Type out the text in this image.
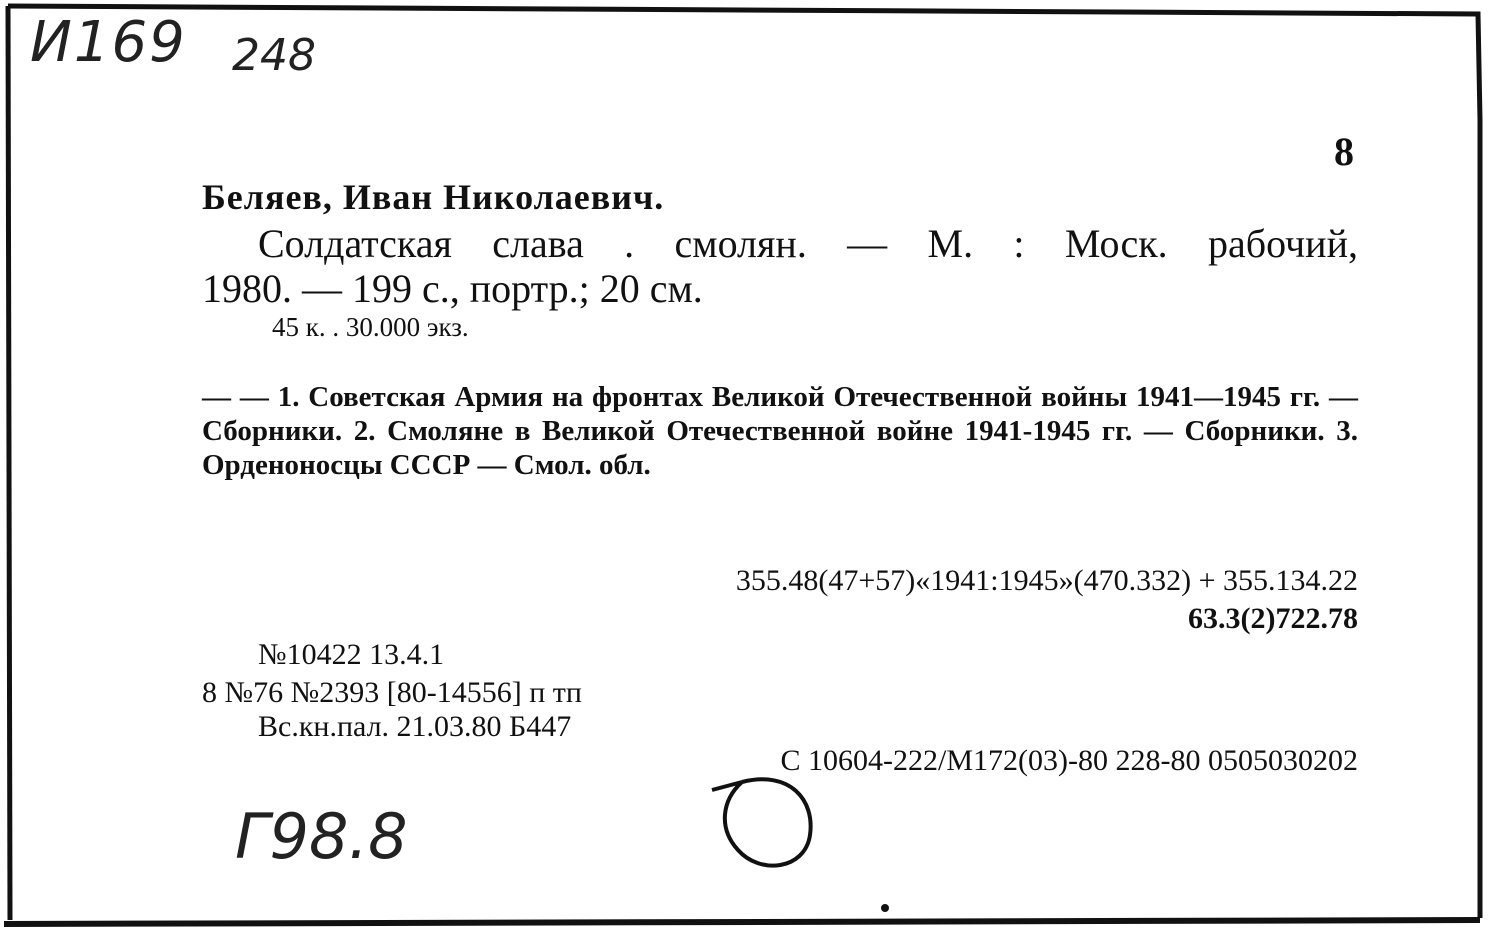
И169 248
Г98.8
8
Беляев, Иван Николаевич.
Солдатская слава . смолян. — М. : Моск. рабочий,
1980. — 199 с., портр.; 20 см.
45 к. . 30.000 экз.
— — 1. Советская Армия на фронтах Великой Отечественной войны 1941—1945 гг. — Сборники. 2. Смоляне в Великой Отечественной войне 1941-1945 гг. — Сборники. 3. Орденоносцы СССР — Смол. обл.
355.48(47+57)«1941:1945»(470.332) + 355.134.22
63.3(2)722.78
№10422 13.4.1
8 №76 №2393 [80-14556] п тп
Вс.кн.пал. 21.03.80 Б447
С 10604-222/М172(03)-80 228-80 0505030202
